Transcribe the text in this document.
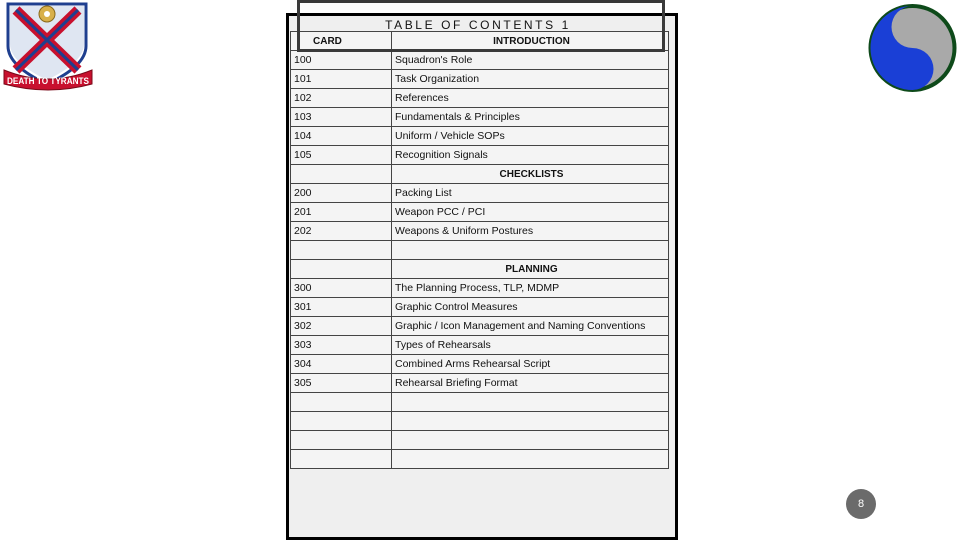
DEATH TO TYRANTS
TABLE OF CONTENTS 1
CARD	INTRODUCTION
100	Squadron's Role
101	Task Organization
102	References
103	Fundamentals & Principles
104	Uniform / Vehicle SOPs
105	Recognition Signals
	CHECKLISTS
200	Packing List
201	Weapon PCC / PCI
202	Weapons & Uniform Postures

	PLANNING
300	The Planning Process, TLP, MDMP
301	Graphic Control Measures
302	Graphic / Icon Management and Naming Conventions
303	Types of Rehearsals
304	Combined Arms Rehearsal Script
305	Rehearsal Briefing Format

8
